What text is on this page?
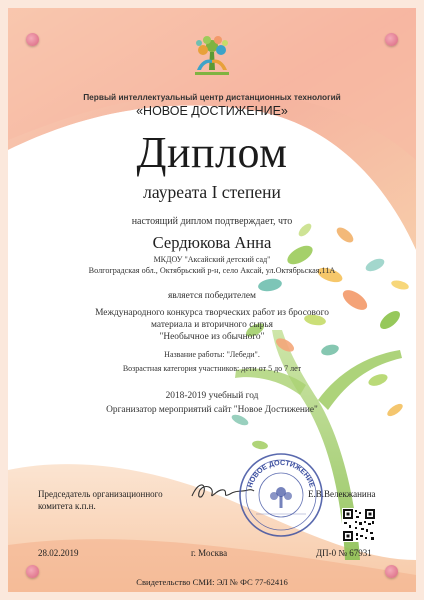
Первый интеллектуальный центр дистанционных технологий
«НОВОЕ ДОСТИЖЕНИЕ»
Диплом
лауреата I степени
настоящий диплом подтверждает, что
Сердюкова Анна
МКДОУ "Аксайский детский сад"
Волгоградская обл., Октябрьский р-н, село Аксай, ул.Октябрьская,11А
является победителем
Международного конкурса творческих работ из бросового
материала и вторичного сырья
"Необычное из обычного"
Название работы: "Лебеди".
Возрастная категория участников: дети от 5 до 7 лет
2018-2019 учебный год
Организатор мероприятий сайт "Новое Достижение"
Председатель организационного
комитета к.п.н.
Е.В.Велекжанина
НОВОЕ ДОСТИЖЕНИЕ
28.02.2019	г. Москва	ДП-0 № 67931
Свидетельство СМИ: ЭЛ № ФС 77-62416
